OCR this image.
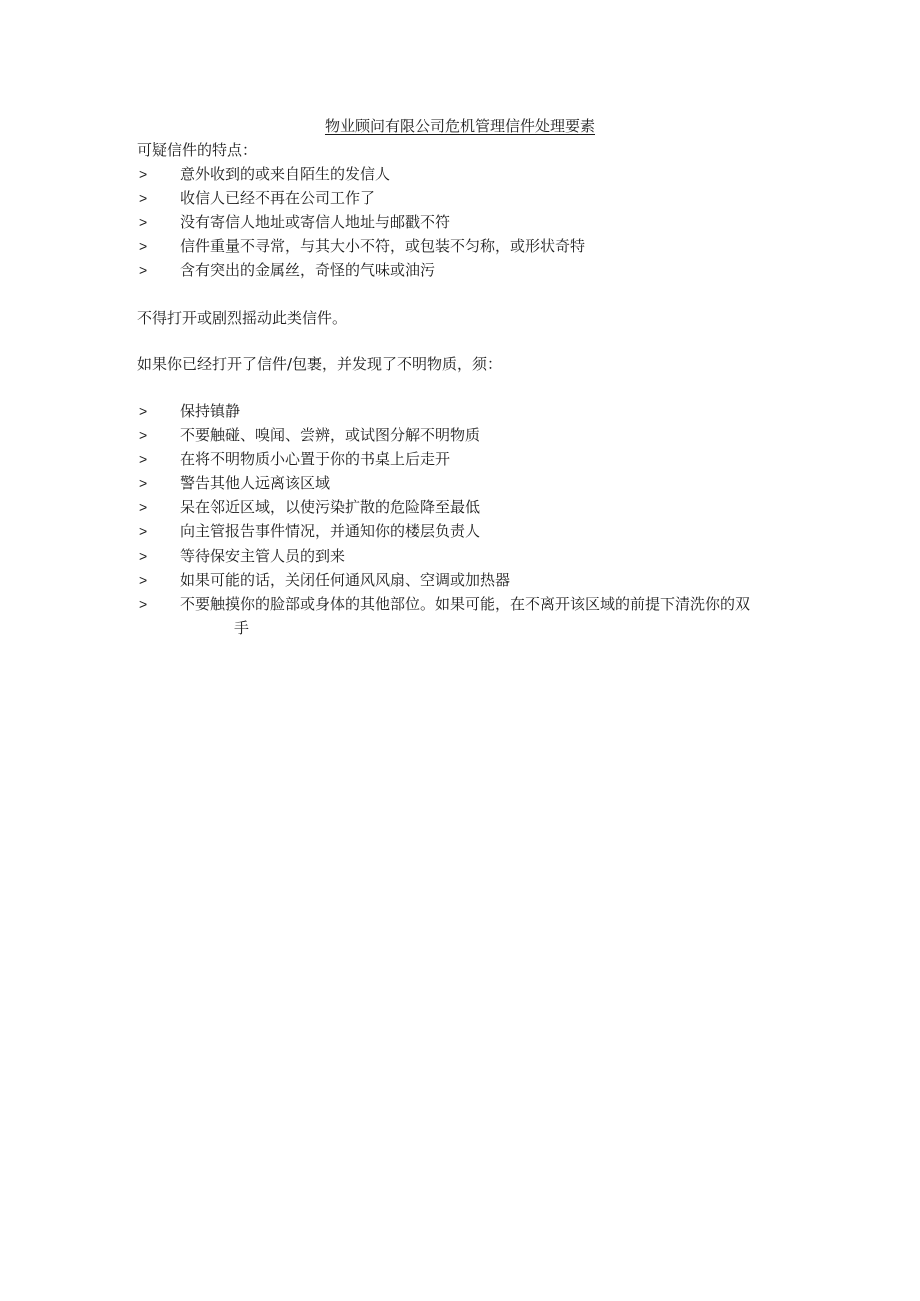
物业顾问有限公司危机管理信件处理要素
可疑信件的特点：
> 意外收到的或来自陌生的发信人
> 收信人已经不再在公司工作了
> 没有寄信人地址或寄信人地址与邮戳不符
> 信件重量不寻常，与其大小不符，或包装不匀称，或形状奇特
> 含有突出的金属丝，奇怪的气味或油污
不得打开或剧烈摇动此类信件。
如果你已经打开了信件/包裹，并发现了不明物质，须：
> 保持镇静
> 不要触碰、嗅闻、尝辨，或试图分解不明物质
> 在将不明物质小心置于你的书桌上后走开
> 警告其他人远离该区域
> 呆在邻近区域，以使污染扩散的危险降至最低
> 向主管报告事件情况，并通知你的楼层负责人
> 等待保安主管人员的到来
> 如果可能的话，关闭任何通风风扇、空调或加热器
> 不要触摸你的脸部或身体的其他部位。如果可能，在不离开该区域的前提下清洗你的双
手
